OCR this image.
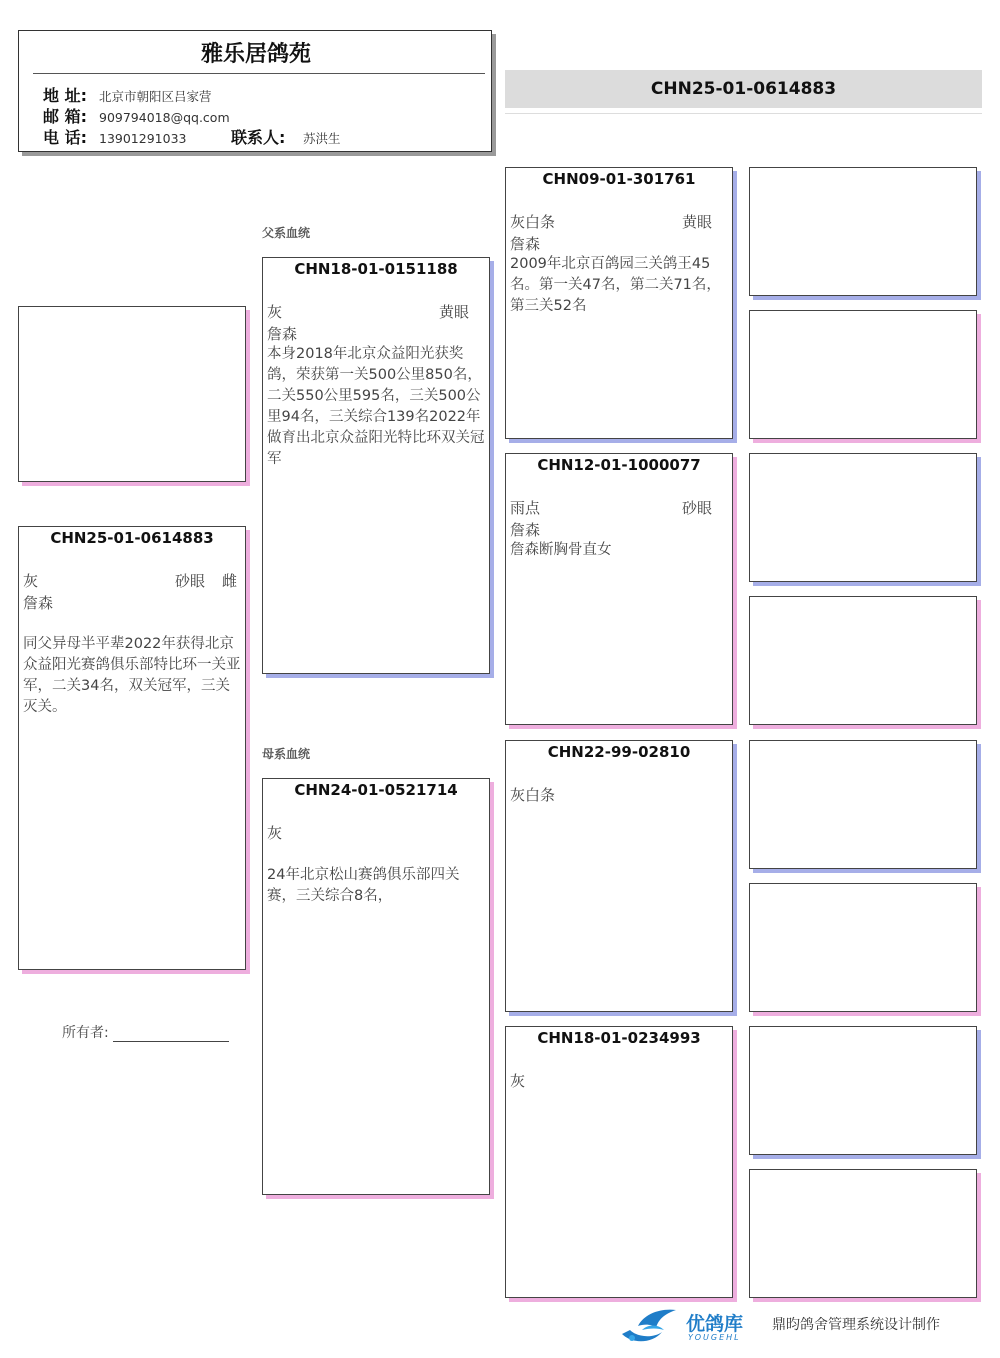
雅乐居鸽苑
地 址: 北京市朝阳区吕家营
邮 箱: 909794018@qq.com
电 话: 13901291033	联系人: 苏洪生
CHN25-01-0614883
CHN25-01-0614883
灰	砂眼 雌
詹森
同父异母半平辈2022年获得北京众益阳光赛鸽俱乐部特比环一关亚军，二关34名，双关冠军，三关灭关。
所有者:
父系血统
母系血统
CHN18-01-0151188
灰	黄眼
詹森
本身2018年北京众益阳光获奖鸽，荣获第一关500公里850名，二关550公里595名，三关500公里94名，三关综合139名2022年做育出北京众益阳光特比环双关冠军
CHN24-01-0521714
灰
24年北京松山赛鸽俱乐部四关赛，三关综合8名，
CHN09-01-301761
灰白条	黄眼
詹森
2009年北京百鸽园三关鸽王45名。第一关47名，第二关71名，第三关52名
CHN12-01-1000077
雨点	砂眼
詹森
詹森断胸骨直女
CHN22-99-02810
灰白条
CHN18-01-0234993
灰
优鸽库
YOUGEHL
鼎昀鸽舍管理系统设计制作
